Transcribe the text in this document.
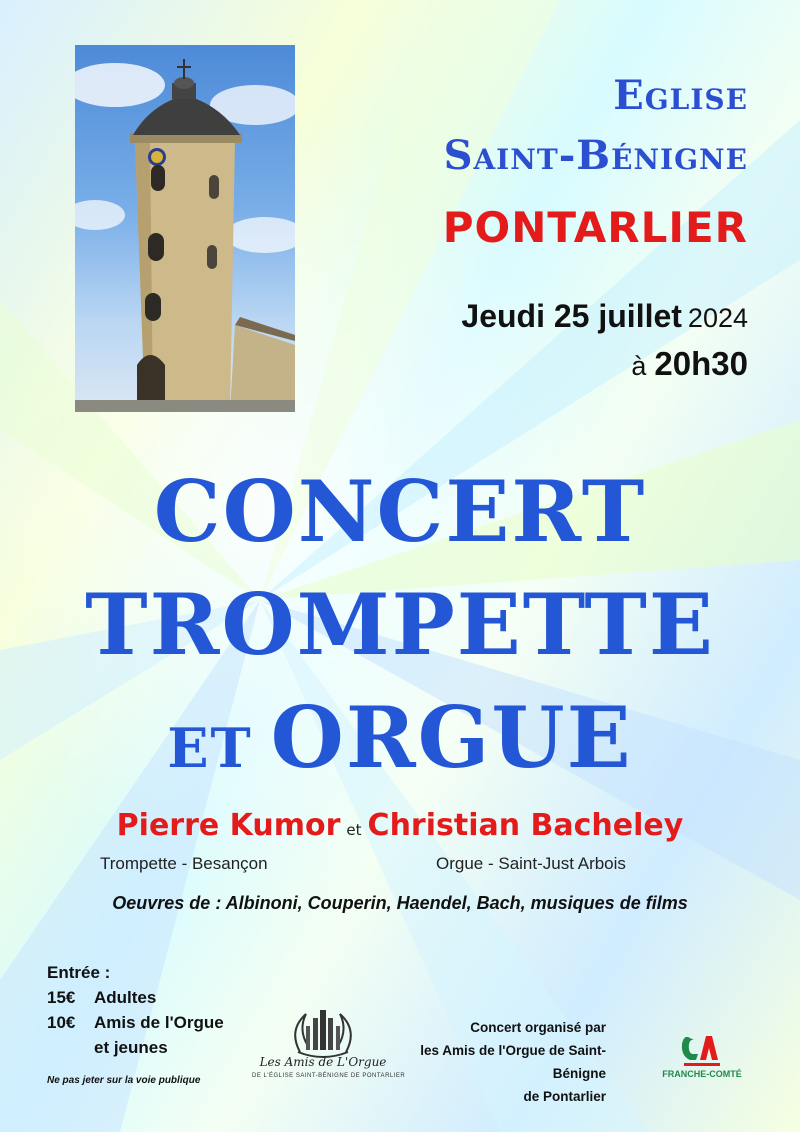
Eglise
Saint-Bénigne
PONTARLIER
Jeudi 25 juillet 2024
à 20h30
CONCERT
TROMPETTE
ET ORGUE
Pierre Kumor et Christian Bacheley
Trompette - Besançon	Orgue - Saint-Just Arbois
Oeuvres de : Albinoni, Couperin, Haendel, Bach, musiques de films
Entrée :
15€	Adultes
10€	Amis de l'Orgue
et jeunes
Ne pas jeter sur la voie publique
Les Amis de L'Orgue
DE L'ÉGLISE SAINT-BÉNIGNE DE PONTARLIER
Concert organisé par
les Amis de l'Orgue de Saint-Bénigne
de Pontarlier
FRANCHE-COMTÉ
